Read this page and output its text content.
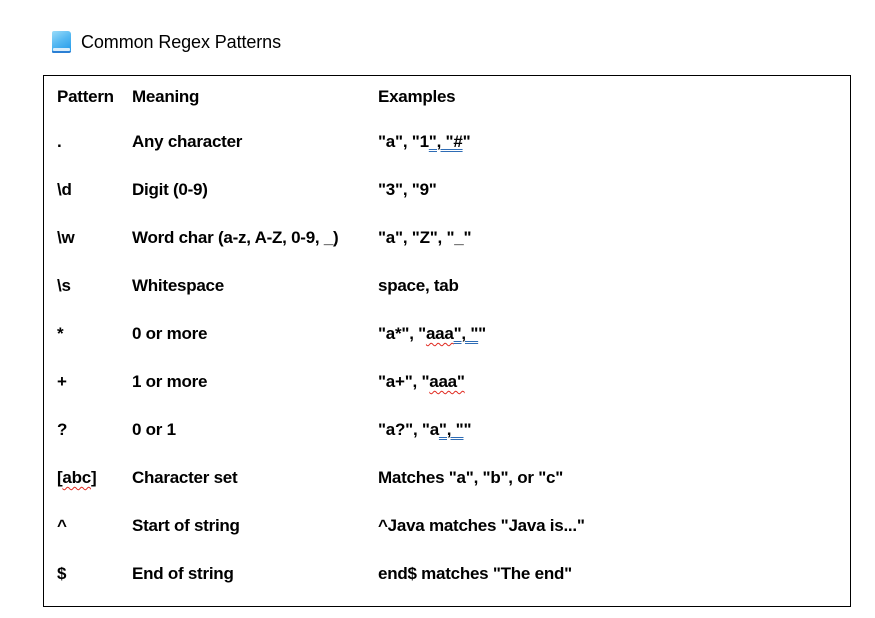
Common Regex Patterns
Pattern	Meaning	Examples
.	Any character	"a", "1", "#"
\d	Digit (0-9)	"3", "9"
\w	Word char (a-z, A-Z, 0-9, _)	"a", "Z", "_"
\s	Whitespace	space, tab
*	0 or more	"a*", "aaa", ""
+	1 or more	"a+", "aaa"
?	0 or 1	"a?", "a", ""
[abc]	Character set	Matches "a", "b", or "c"
^	Start of string	^Java matches "Java is..."
$	End of string	end$ matches "The end"
